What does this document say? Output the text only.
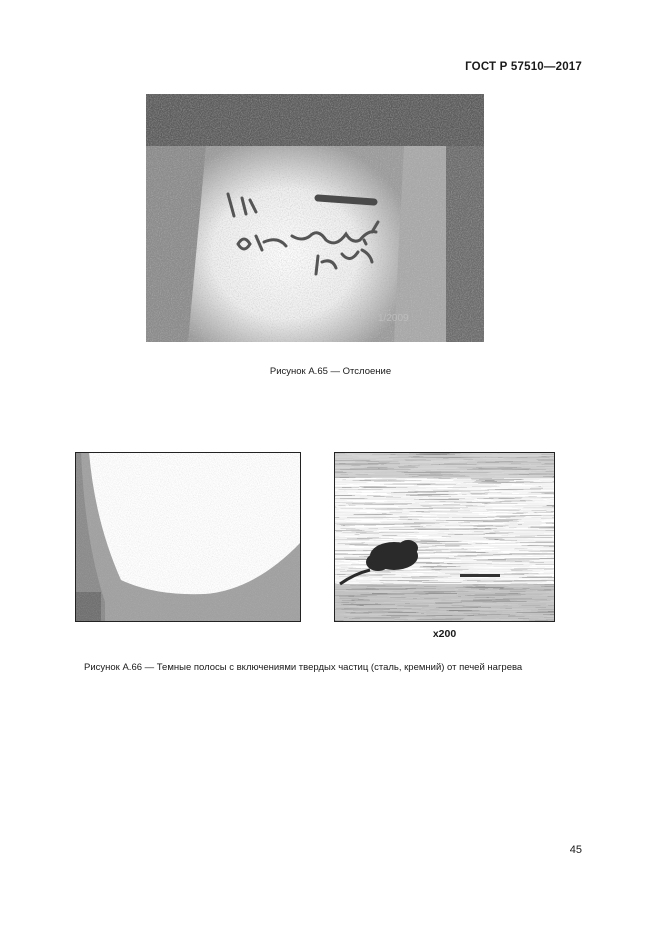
ГОСТ Р 57510—2017
1/2009
Рисунок А.65 — Отслоение
x200
Рисунок А.66 — Темные полосы с включениями твердых частиц (сталь, кремний) от печей нагрева
45
